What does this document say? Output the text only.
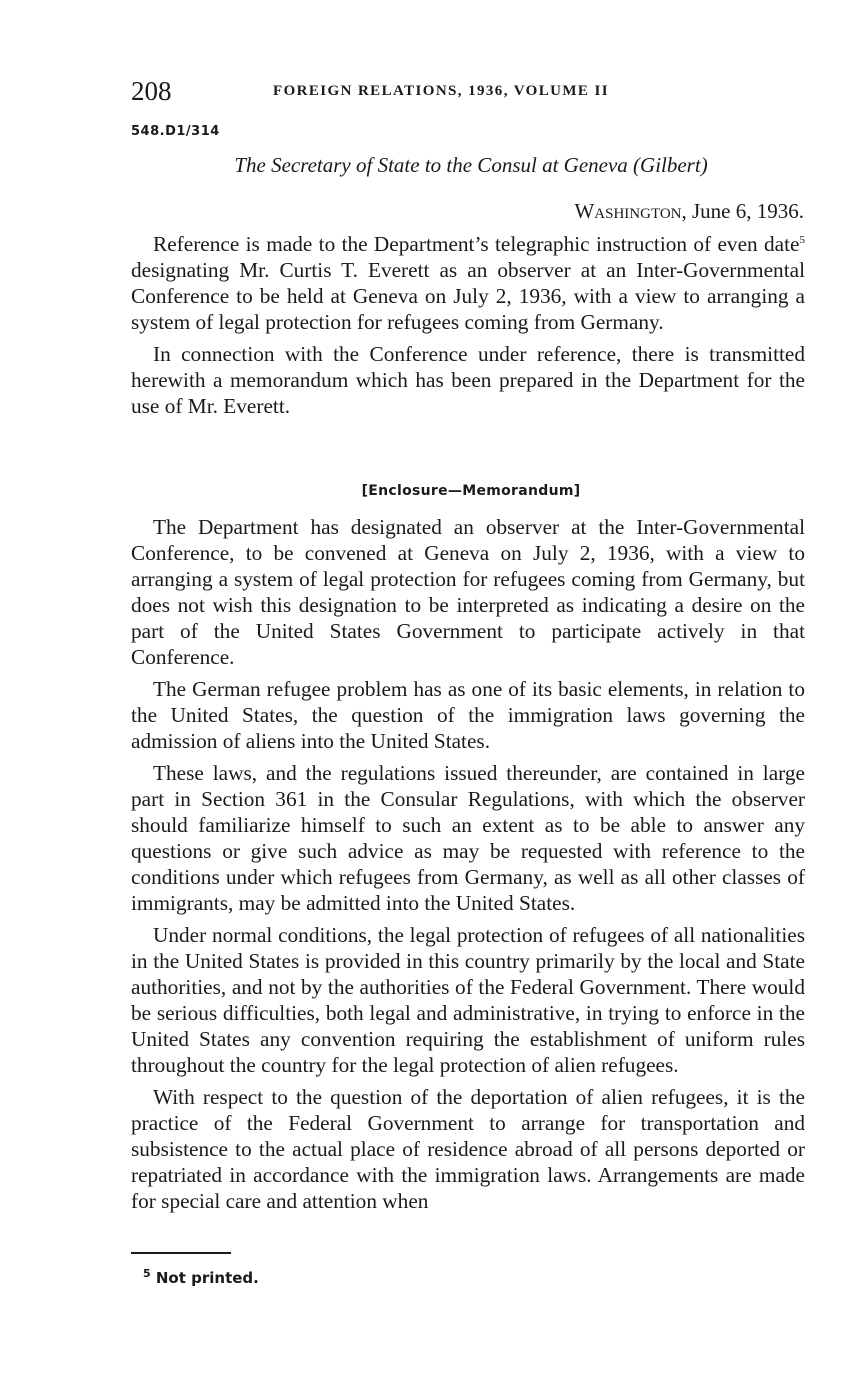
208	FOREIGN RELATIONS, 1936, VOLUME II
548.D1/314
The Secretary of State to the Consul at Geneva (Gilbert)
Washington, June 6, 1936.

Reference is made to the Department’s telegraphic instruction of even date$^5$ designating Mr. Curtis T. Everett as an observer at an Inter-Governmental Conference to be held at Geneva on July 2, 1936, with a view to arranging a system of legal protection for refugees coming from Germany.

In connection with the Conference under reference, there is transmitted herewith a memorandum which has been prepared in the Department for the use of Mr. Everett.

[Enclosure—Memorandum]

The Department has designated an observer at the Inter-Governmental Conference, to be convened at Geneva on July 2, 1936, with a view to arranging a system of legal protection for refugees coming from Germany, but does not wish this designation to be interpreted as indicating a desire on the part of the United States Government to participate actively in that Conference.

The German refugee problem has as one of its basic elements, in relation to the United States, the question of the immigration laws governing the admission of aliens into the United States.

These laws, and the regulations issued thereunder, are contained in large part in Section 361 in the Consular Regulations, with which the observer should familiarize himself to such an extent as to be able to answer any questions or give such advice as may be requested with reference to the conditions under which refugees from Germany, as well as all other classes of immigrants, may be admitted into the United States.

Under normal conditions, the legal protection of refugees of all nationalities in the United States is provided in this country primarily by the local and State authorities, and not by the authorities of the Federal Government. There would be serious difficulties, both legal and administrative, in trying to enforce in the United States any convention requiring the establishment of uniform rules throughout the country for the legal protection of alien refugees.

With respect to the question of the deportation of alien refugees, it is the practice of the Federal Government to arrange for transportation and subsistence to the actual place of residence abroad of all persons deported or repatriated in accordance with the immigration laws. Arrangements are made for special care and attention when

$^5$ Not printed.
